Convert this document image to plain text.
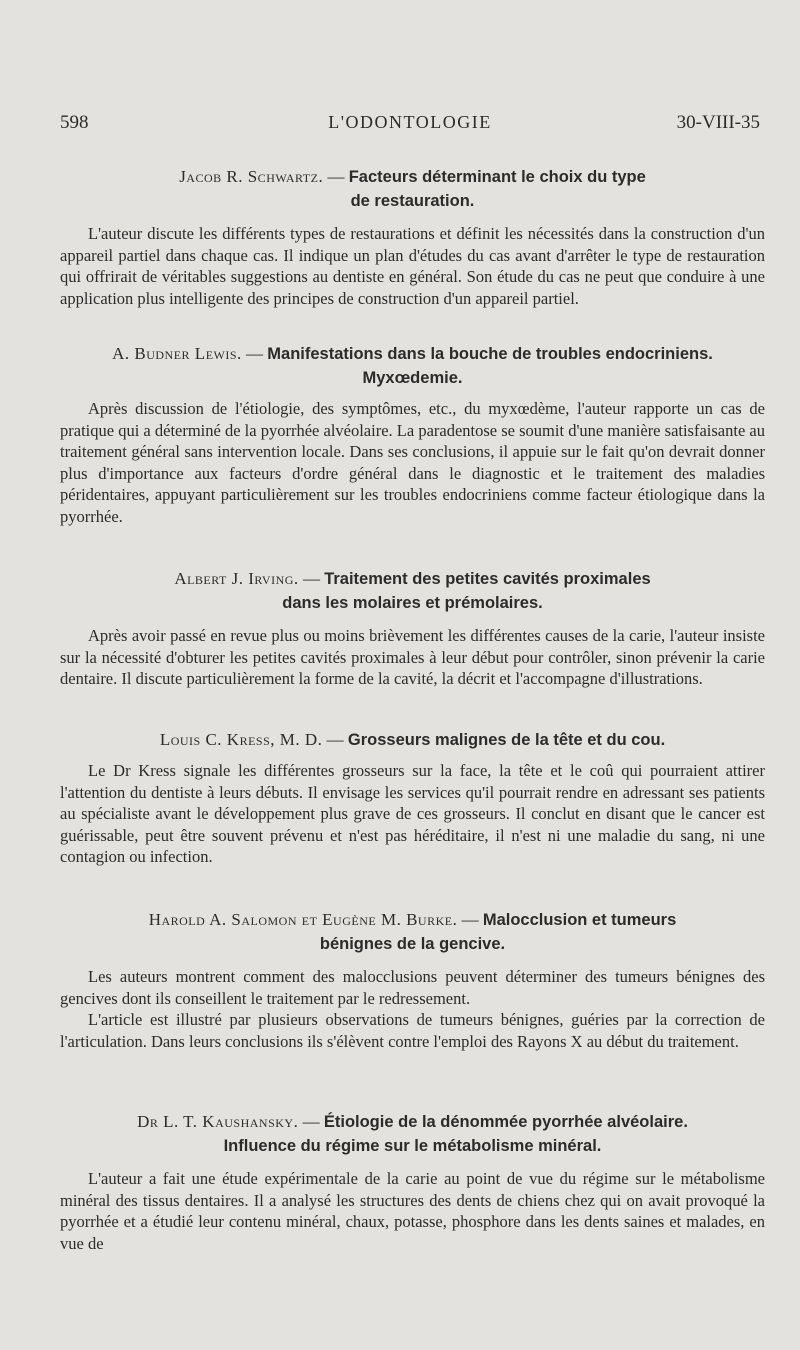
598	L'ODONTOLOGIE	30-VIII-35

Jacob R. Schwartz. — Facteurs déterminant le choix du type
de restauration.

L'auteur discute les différents types de restaurations et définit les nécessités dans la construction d'un appareil partiel dans chaque cas. Il indique un plan d'études du cas avant d'arrêter le type de restauration qui offrirait de véritables suggestions au dentiste en général. Son étude du cas ne peut que conduire à une application plus intelligente des principes de construction d'un appareil partiel.

A. Budner Lewis. — Manifestations dans la bouche de troubles endocriniens.
Myxœdemie.

Après discussion de l'étiologie, des symptômes, etc., du myxœdème, l'auteur rapporte un cas de pratique qui a déterminé de la pyorrhée alvéolaire. La paradentose se soumit d'une manière satisfaisante au traitement général sans intervention locale. Dans ses conclusions, il appuie sur le fait qu'on devrait donner plus d'importance aux facteurs d'ordre général dans le diagnostic et le traitement des maladies péridentaires, appuyant particulièrement sur les troubles endocriniens comme facteur étiologique dans la pyorrhée.

Albert J. Irving. — Traitement des petites cavités proximales
dans les molaires et prémolaires.

Après avoir passé en revue plus ou moins brièvement les différentes causes de la carie, l'auteur insiste sur la nécessité d'obturer les petites cavités proximales à leur début pour contrôler, sinon prévenir la carie dentaire. Il discute particulièrement la forme de la cavité, la décrit et l'accompagne d'illustrations.

Louis C. Kress, M. D. — Grosseurs malignes de la tête et du cou.

Le Dr Kress signale les différentes grosseurs sur la face, la tête et le coû qui pourraient attirer l'attention du dentiste à leurs débuts. Il envisage les services qu'il pourrait rendre en adressant ses patients au spécialiste avant le développement plus grave de ces grosseurs. Il conclut en disant que le cancer est guérissable, peut être souvent prévenu et n'est pas héréditaire, il n'est ni une maladie du sang, ni une contagion ou infection.

Harold A. Salomon et Eugène M. Burke. — Malocclusion et tumeurs
bénignes de la gencive.

Les auteurs montrent comment des malocclusions peuvent déterminer des tumeurs bénignes des gencives dont ils conseillent le traitement par le redressement.

L'article est illustré par plusieurs observations de tumeurs bénignes, guéries par la correction de l'articulation. Dans leurs conclusions ils s'élèvent contre l'emploi des Rayons X au début du traitement.

Dr L. T. Kaushansky. — Étiologie de la dénommée pyorrhée alvéolaire.
Influence du régime sur le métabolisme minéral.

L'auteur a fait une étude expérimentale de la carie au point de vue du régime sur le métabolisme minéral des tissus dentaires. Il a analysé les structures des dents de chiens chez qui on avait provoqué la pyorrhée et a étudié leur contenu minéral, chaux, potasse, phosphore dans les dents saines et malades, en vue de
